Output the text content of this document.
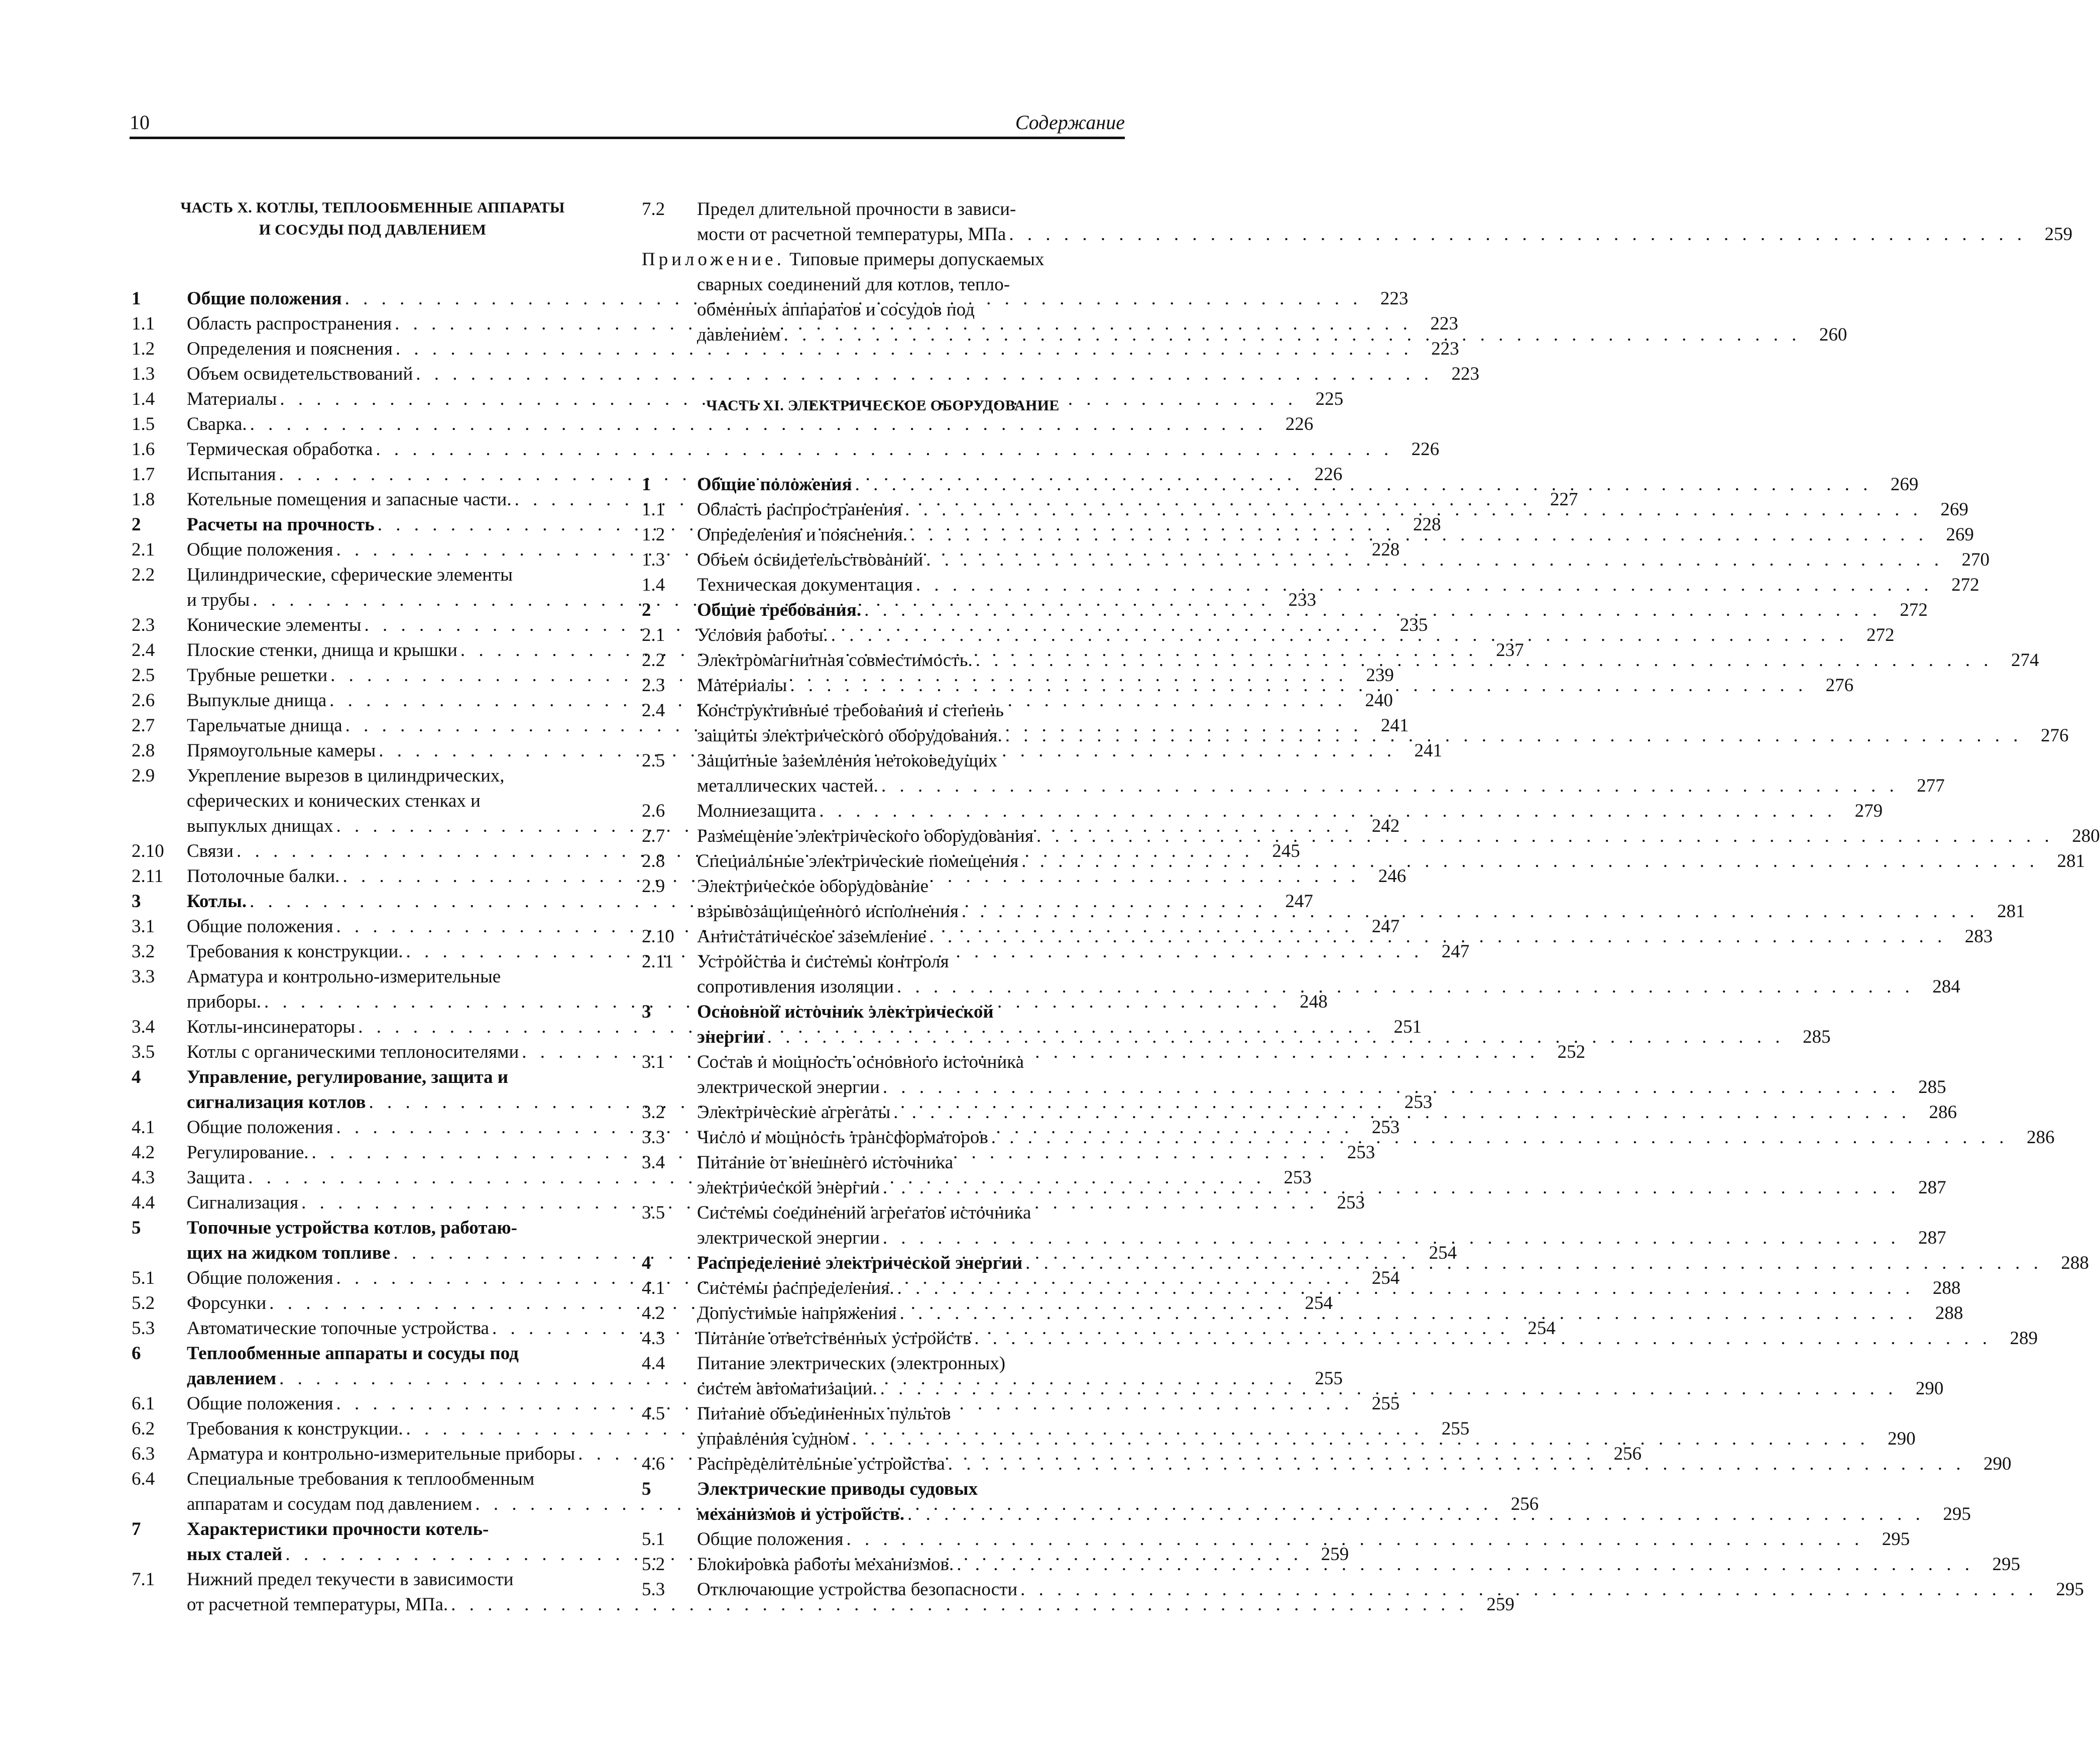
10	Содержание
ЧАСТЬ X. КОТЛЫ, ТЕПЛООБМЕННЫЕ АППАРАТЫ
И СОСУДЫ ПОД ДАВЛЕНИЕМ
1	Общие положения . . .	223
1.1	Область распространения . . .	223
1.2	Определения и пояснения . . .	223
1.3	Объем освидетельствований . . .	223
1.4	Материалы . . .	225
1.5	Сварка. . . .	226
1.6	Термическая обработка . . .	226
1.7	Испытания . . .	226
1.8	Котельные помещения и запасные части. . . .	227
2	Расчеты на прочность . . .	228
2.1	Общие положения . . .	228
2.2	Цилиндрические, сферические элементы
и трубы . . .	233
2.3	Конические элементы . . .	235
2.4	Плоские стенки, днища и крышки . . .	237
2.5	Трубные решетки . . .	239
2.6	Выпуклые днища . . .	240
2.7	Тарельчатые днища . . .	241
2.8	Прямоугольные камеры . . .	241
2.9	Укрепление вырезов в цилиндрических,
сферических и конических стенках и
выпуклых днищах . . .	242
2.10	Связи . . .	245
2.11	Потолочные балки. . . .	246
3	Котлы. . . .	247
3.1	Общие положения . . .	247
3.2	Требования к конструкции. . . .	247
3.3	Арматура и контрольно-измерительные
приборы. . . .	248
3.4	Котлы-инсинераторы . . .	251
3.5	Котлы с органическими теплоносителями . . .	252
4	Управление, регулирование, защита и
сигнализация котлов . . .	253
4.1	Общие положения . . .	253
4.2	Регулирование. . . .	253
4.3	Защита . . .	253
4.4	Сигнализация . . .	253
5	Топочные устройства котлов, работаю-
щих на жидком топливе . . .	254
5.1	Общие положения . . .	254
5.2	Форсунки . . .	254
5.3	Автоматические топочные устройства . . .	254
6	Теплообменные аппараты и сосуды под
давлением . . .	255
6.1	Общие положения . . .	255
6.2	Требования к конструкции. . . .	255
6.3	Арматура и контрольно-измерительные приборы . . .	256
6.4	Специальные требования к теплообменным
аппаратам и сосудам под давлением . . .	256
7	Характеристики прочности котель-
ных сталей . . .	259
7.1	Нижний предел текучести в зависимости
от расчетной температуры, МПа. . . .	259
7.2	Предел длительной прочности в зависи-
мости от расчетной температуры, МПа . . .	259
Приложение. Типовые примеры допускаемых
сварных соединений для котлов, тепло-
обменных аппаратов и сосудов под
давлением . . .	260
ЧАСТЬ XI. ЭЛЕКТРИЧЕСКОЕ ОБОРУДОВАНИЕ
1	Общие положения . . .	269
1.1	Область распространения . . .	269
1.2	Определения и пояснения. . . .	269
1.3	Объем освидетельствований . . .	270
1.4	Техническая документация . . .	272
2	Общие требования. . . .	272
2.1	Условия работы. . . .	272
2.2	Электромагнитная совместимость. . . .	274
2.3	Материалы . . .	276
2.4	Конструктивные требования и степень
защиты электрического оборудования. . . .	276
2.5	Защитные заземления нетоковедущих
металлических частей. . . .	277
2.6	Молниезащита . . .	279
2.7	Размещение электрического оборудования . . .	280
2.8	Специальные электрические помещения . . .	281
2.9	Электрическое оборудование
взрывозащищенного исполнения . . .	281
2.10	Антистатическое заземление . . .	283
2.11	Устройства и системы контроля
сопротивления изоляции . . .	284
3	Основной источник электрической
энергии . . .	285
3.1	Состав и мощность основного источника
электрической энергии . . .	285
3.2	Электрические агрегаты . . .	286
3.3	Число и мощность трансформаторов . . .	286
3.4	Питание от внешнего источника
электрической энергии . . .	287
3.5	Системы соединений агрегатов источника
электрической энергии . . .	287
4	Распределение электрической энергии . . .	288
4.1	Системы распределения. . . .	288
4.2	Допустимые напряжения . . .	288
4.3	Питание ответственных устройств . . .	289
4.4	Питание электрических (электронных)
систем автоматизации. . . .	290
4.5	Питание объединенных пультов
управления судном . . .	290
4.6	Распределительные устройства . . .	290
5	Электрические приводы судовых
механизмов и устройств. . . .	295
5.1	Общие положения . . .	295
5.2	Блокировка работы механизмов. . . .	295
5.3	Отключающие устройства безопасности . . .	295
